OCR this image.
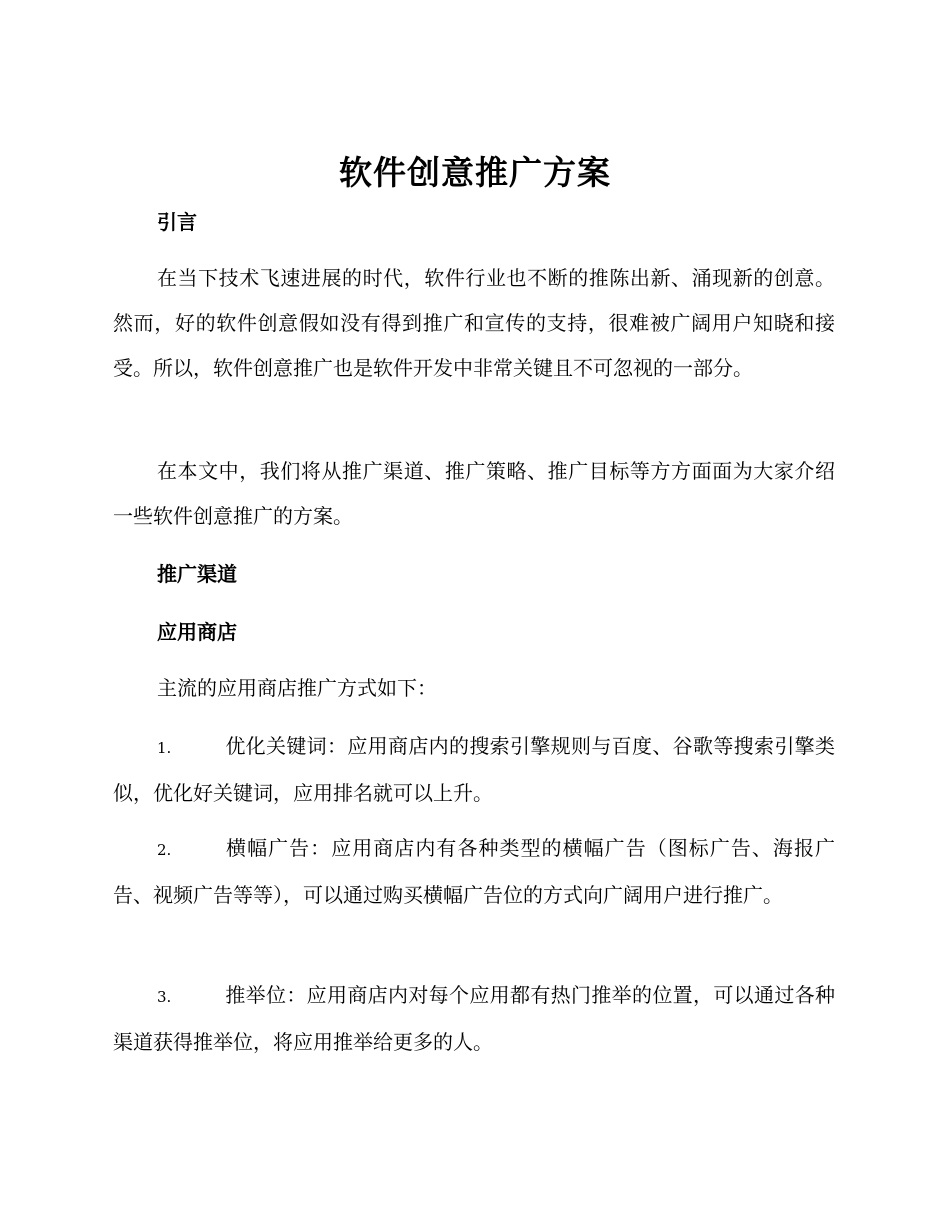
软件创意推广方案
引言
在当下技术飞速进展的时代，软件行业也不断的推陈出新、涌现新的创意。然而，好的软件创意假如没有得到推广和宣传的支持，很难被广阔用户知晓和接受。所以，软件创意推广也是软件开发中非常关键且不可忽视的一部分。
在本文中，我们将从推广渠道、推广策略、推广目标等方方面面为大家介绍一些软件创意推广的方案。
推广渠道
应用商店
主流的应用商店推广方式如下：
1.	优化关键词：应用商店内的搜索引擎规则与百度、谷歌等搜索引擎类似，优化好关键词，应用排名就可以上升。
2.	横幅广告：应用商店内有各种类型的横幅广告（图标广告、海报广告、视频广告等等），可以通过购买横幅广告位的方式向广阔用户进行推广。
3.	推举位：应用商店内对每个应用都有热门推举的位置，可以通过各种渠道获得推举位，将应用推举给更多的人。
